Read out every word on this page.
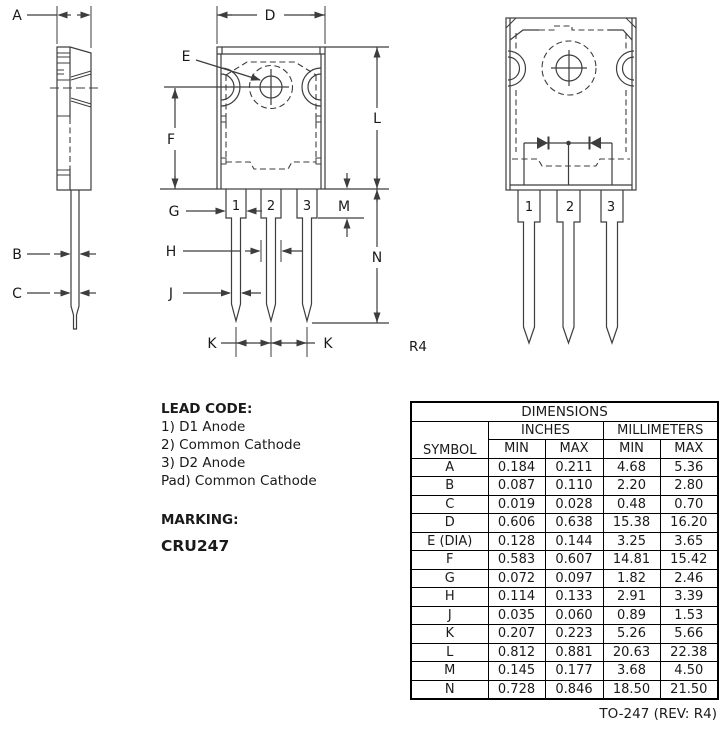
A
B
C
D
E
F
L
M
N
1 2 3
G
H
J
K	K	R4
1	2	3
LEAD CODE:
1) D1 Anode
2) Common Cathode
3) D2 Anode
Pad) Common Cathode
MARKING:
CRU247
DIMENSIONS				
SYMBOL	INCHES		MILLIMETERS	
	MIN	MAX	MIN	MAX
A	0.184	0.211	4.68	5.36
B	0.087	0.110	2.20	2.80
C	0.019	0.028	0.48	0.70
D	0.606	0.638	15.38	16.20
E (DIA)	0.128	0.144	3.25	3.65
F	0.583	0.607	14.81	15.42
G	0.072	0.097	1.82	2.46
H	0.114	0.133	2.91	3.39
J	0.035	0.060	0.89	1.53
K	0.207	0.223	5.26	5.66
L	0.812	0.881	20.63	22.38
M	0.145	0.177	3.68	4.50
N	0.728	0.846	18.50	21.50
TO-247 (REV: R4)
